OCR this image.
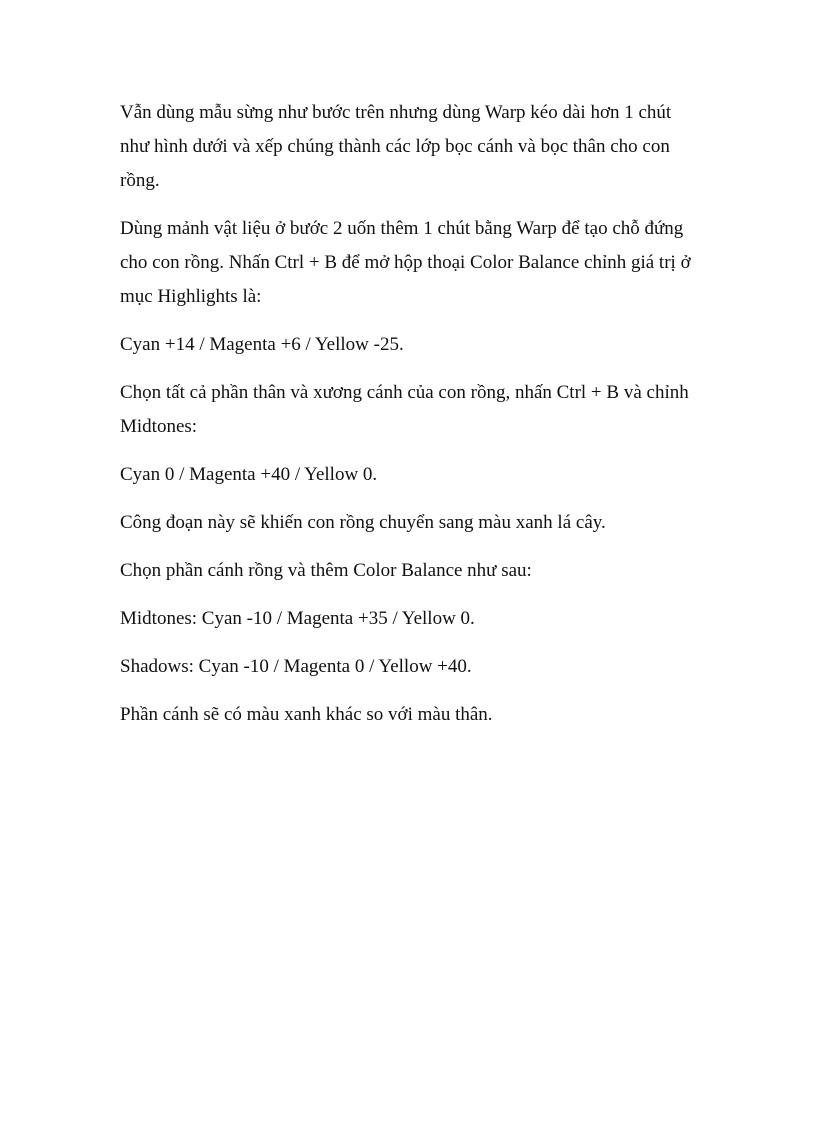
Vẫn dùng mẫu sừng như bước trên nhưng dùng Warp kéo dài hơn 1 chút như hình dưới và xếp chúng thành các lớp bọc cánh và bọc thân cho con rồng.

Dùng mảnh vật liệu ở bước 2 uốn thêm 1 chút bằng Warp để tạo chỗ đứng cho con rồng. Nhấn Ctrl + B để mở hộp thoại Color Balance chỉnh giá trị ở mục Highlights là:

Cyan +14 / Magenta +6 / Yellow -25.

Chọn tất cả phần thân và xương cánh của con rồng, nhấn Ctrl + B và chỉnh Midtones:

Cyan 0 / Magenta +40 / Yellow 0.

Công đoạn này sẽ khiến con rồng chuyển sang màu xanh lá cây.

Chọn phần cánh rồng và thêm Color Balance như sau:

Midtones: Cyan -10 / Magenta +35 / Yellow 0.

Shadows: Cyan -10 / Magenta 0 / Yellow +40.

Phần cánh sẽ có màu xanh khác so với màu thân.
